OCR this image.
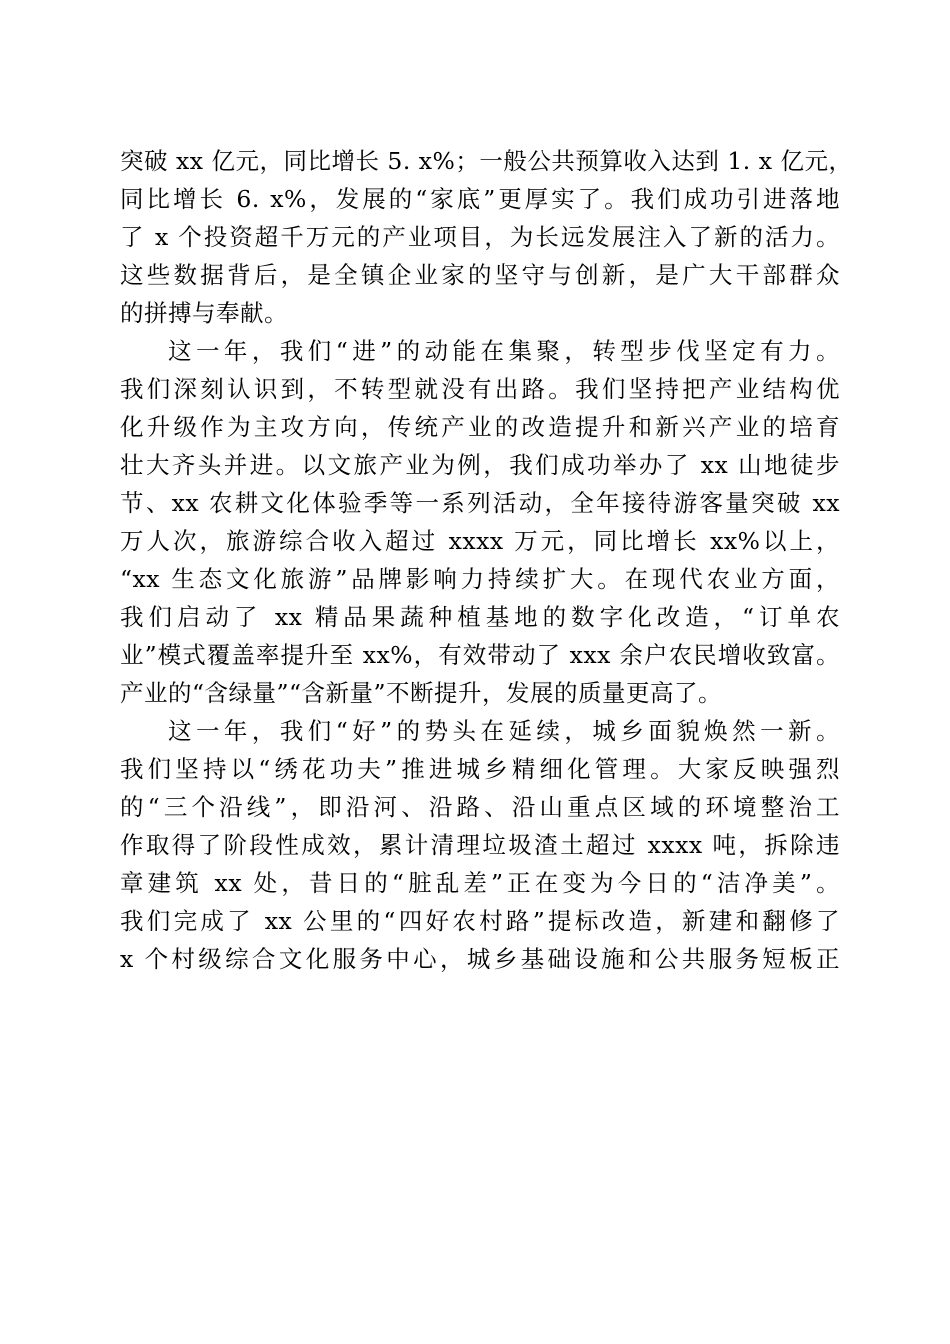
突破 xx 亿元，同比增长 5. x%；一般公共预算收入达到 1. x 亿元，
同比增长 6. x%，发展的“家底”更厚实了。我们成功引进落地
了 x 个投资超千万元的产业项目，为长远发展注入了新的活力。
这些数据背后，是全镇企业家的坚守与创新，是广大干部群众
的拼搏与奉献。
这一年，我们“进”的动能在集聚，转型步伐坚定有力。
我们深刻认识到，不转型就没有出路。我们坚持把产业结构优
化升级作为主攻方向，传统产业的改造提升和新兴产业的培育
壮大齐头并进。以文旅产业为例，我们成功举办了 xx 山地徒步
节、xx 农耕文化体验季等一系列活动，全年接待游客量突破 xx
万人次，旅游综合收入超过 xxxx 万元，同比增长 xx%以上，
“xx 生态文化旅游”品牌影响力持续扩大。在现代农业方面，
我们启动了 xx 精品果蔬种植基地的数字化改造，“订单农
业”模式覆盖率提升至 xx%，有效带动了 xxx 余户农民增收致富。
产业的“含绿量”“含新量”不断提升，发展的质量更高了。
这一年，我们“好”的势头在延续，城乡面貌焕然一新。
我们坚持以“绣花功夫”推进城乡精细化管理。大家反映强烈
的“三个沿线”，即沿河、沿路、沿山重点区域的环境整治工
作取得了阶段性成效，累计清理垃圾渣土超过 xxxx 吨，拆除违
章建筑 xx 处，昔日的“脏乱差”正在变为今日的“洁净美”。
我们完成了 xx 公里的“四好农村路”提标改造，新建和翻修了
x 个村级综合文化服务中心，城乡基础设施和公共服务短板正
